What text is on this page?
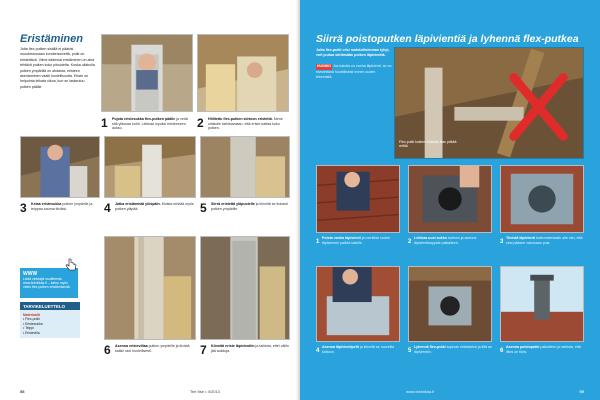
Eristäminen
Jotta flex-putken sisällä ei pääsisi muodostumaan kondenssivettä, putki on eristettävä. Viime kädessä eristäminen on aina tehtävä putken koko pituudelta. Koska ullakolla putken ympärillä on ahdasta, eristeen asentaminen vaatii huolellisuutta. Eriste on helpointa leikata ulkoa, kun se laskeutuu putken päälle.
1 Pujota eristesukka flex-putken päälle ja vedä sitä yläosaa kohti. Leikkaa lopuksi eristeeseen aukko.	2 Hiilitettu flex-putken siirtoon eristettä. Mene ullakolle tarkistamaan, että eriste kattaa koko putken.
3 Kelaa eristesukka putken ympärille ja teippaa sauma tiiviiksi.	4 Jatka eristämistä ylöspäin. Muista eristää myös putken yläpää.	5 Siirrä eristettä yläpuolelle ja kiinnitä se tiukasti putken ympärille.
6 Asenna eristevillaa putken ympärille ja tiivistä kaikki raot huolellisesti.	7 Kiinnitä eriste läpivientiin ja tarkista, ettei väliin jää aukkoja.
WWW
Lisää vinkkejä osoitteesta www.tekniikka.fi – katso myös video flex-putken eristämisestä.
TARVIKELUETTELO
Materiaalit
• Flex-putki
• Eristesukka
• Teippi
• Eristevilla
58	Tee Itse • 4/2013
Siirrä poistoputken läpivientiä ja lyhennä flex-putkea
Jotta flex-putki olisi mahdollisimman lyhyt, voit joutua siirtämään putken läpivientiä.

HUOMIO Jos katolla on vanha läpivienti, se on tiivistettävä huolellisesti ennen uuden tekemistä.
Flex-putki kulkee ullakolla liian pitkää reittiä.
1
Poista vanha läpivienti ja merkitse uuden läpiviennin paikka katolle.	2
Leikkaa uusi aukko kattoon ja asenna läpivientikappale paikalleen.	3
Tiivistä läpivienti kattomateriaalin alle niin, että vesi pääsee valumaan pois.
4
Asenna läpivientipelti ja kiinnitä se ruuveilla kattoon.	5
Lyhennä flex-putki sopivan mittaiseksi ja liitä se läpivientiin.	6
Asenna poistoputki paikalleen ja tarkista, että liitos on tiivis.
www.tekniikka.fi	59
